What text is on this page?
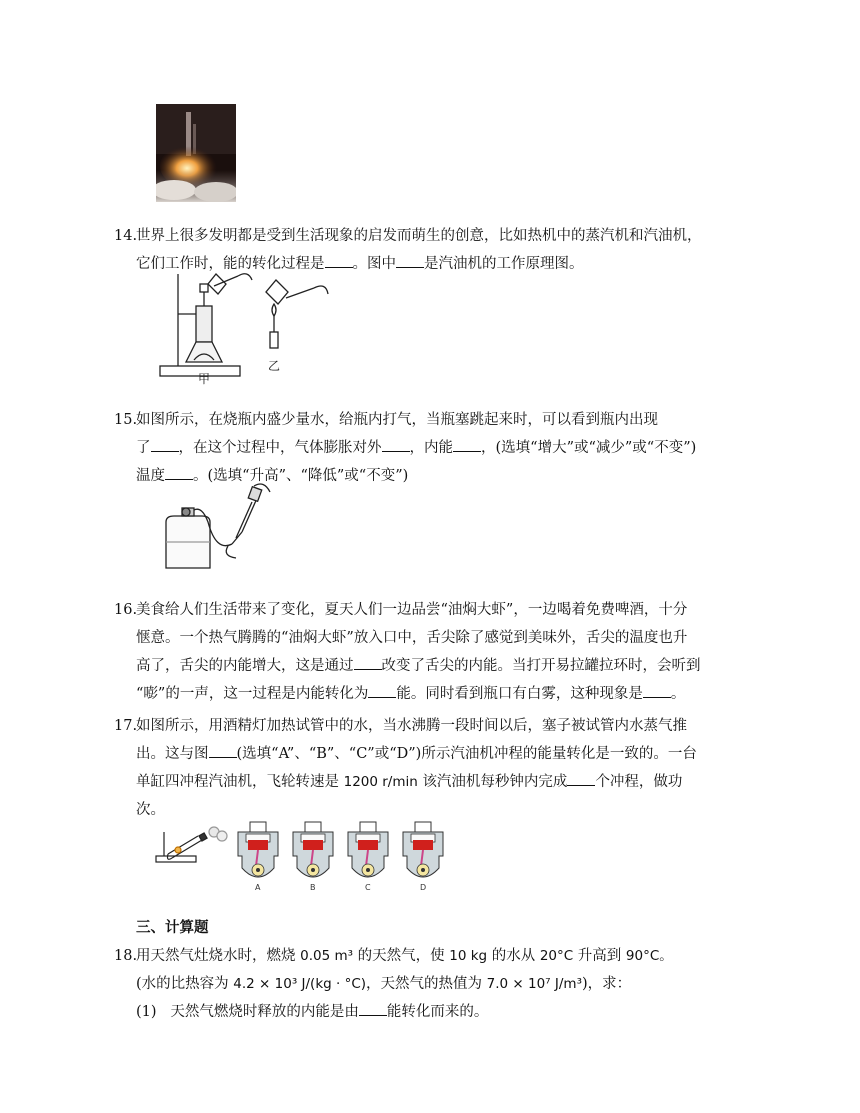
14.

世界上很多发明都是受到生活现象的启发而萌生的创意，比如热机中的蒸汽机和汽油机，

它们工作时，能的转化过程是 。图中 是汽油机的工作原理图。

甲
乙
15.

如图所示，在烧瓶内盛少量水，给瓶内打气，当瓶塞跳起来时，可以看到瓶内出现

了 ，在这个过程中，气体膨胀对外 ，内能 ，(选填“增大”或“减少”或“不变”)

温度 。(选填“升高”、“降低”或“不变”)

16.

美食给人们生活带来了变化，夏天人们一边品尝“油焖大虾”，一边喝着免费啤酒，十分

惬意。一个热气腾腾的“油焖大虾”放入口中，舌尖除了感觉到美味外，舌尖的温度也升

高了，舌尖的内能增大，这是通过 改变了舌尖的内能。当打开易拉罐拉环时，会听到

“嘭”的一声，这一过程是内能转化为 能。同时看到瓶口有白雾，这种现象是 。

17.

如图所示，用酒精灯加热试管中的水，当水沸腾一段时间以后，塞子被试管内水蒸气推

出。这与图 (选填“A”、“B”、“C”或“D”)所示汽油机冲程的能量转化是一致的。一台

单缸四冲程汽油机，飞轮转速是 1200 r/min 该汽油机每秒钟内完成 个冲程，做功

次。

A	B	C	D
三、计算题
18.

用天然气灶烧水时，燃烧 0.05 m³ 的天然气，使 10 kg 的水从 20°C 升高到 90°C。

(水的比热容为 4.2 × 10³ J/(kg · °C)，天然气的热值为 7.0 × 10⁷ J/m³)，求：

(1) 天然气燃烧时释放的内能是由 能转化而来的。
